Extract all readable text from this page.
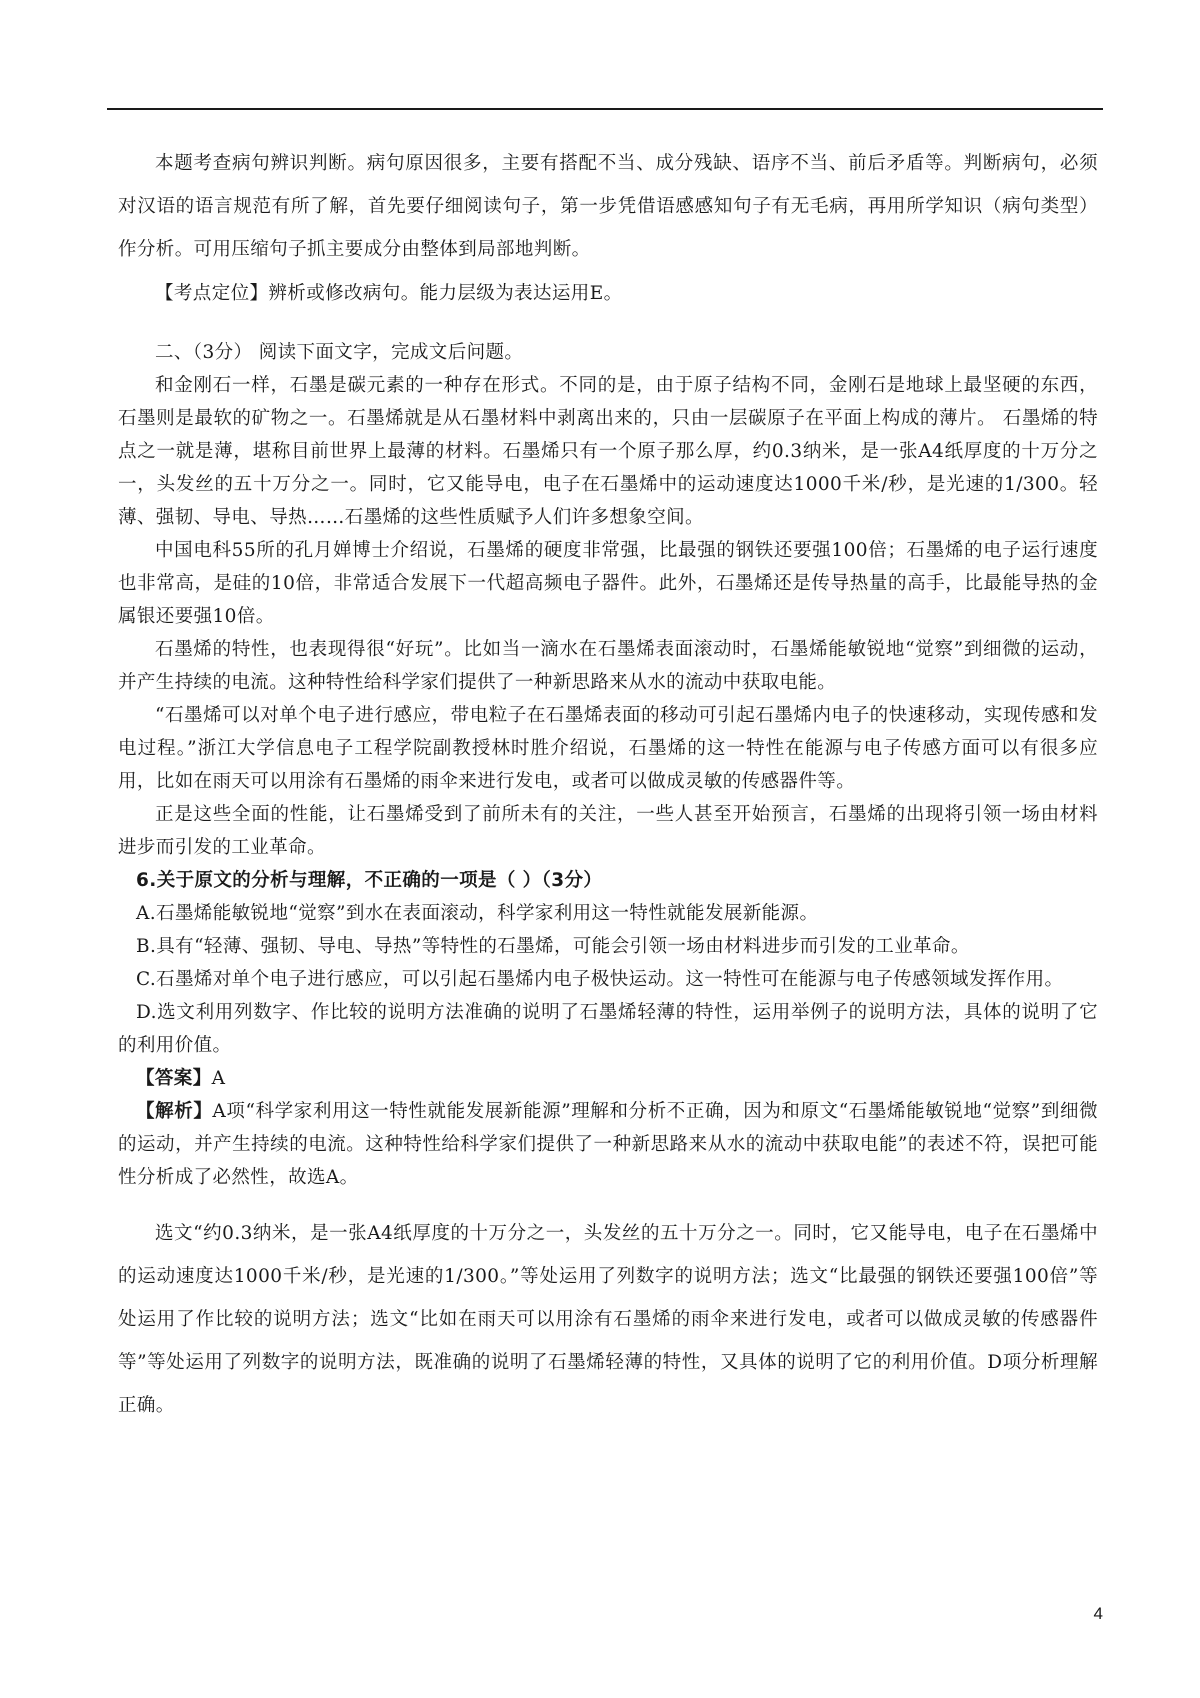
本题考查病句辨识判断。病句原因很多，主要有搭配不当、成分残缺、语序不当、前后矛盾等。判断病句，必须对汉语的语言规范有所了解，首先要仔细阅读句子，第一步凭借语感感知句子有无毛病，再用所学知识（病句类型）作分析。可用压缩句子抓主要成分由整体到局部地判断。

【考点定位】辨析或修改病句。能力层级为表达运用E。

二、（3分） 阅读下面文字，完成文后问题。

和金刚石一样，石墨是碳元素的一种存在形式。不同的是，由于原子结构不同，金刚石是地球上最坚硬的东西，石墨则是最软的矿物之一。石墨烯就是从石墨材料中剥离出来的，只由一层碳原子在平面上构成的薄片。 石墨烯的特点之一就是薄，堪称目前世界上最薄的材料。石墨烯只有一个原子那么厚，约0.3纳米，是一张A4纸厚度的十万分之一，头发丝的五十万分之一。同时，它又能导电，电子在石墨烯中的运动速度达1000千米/秒，是光速的1/300。轻薄、强韧、导电、导热……石墨烯的这些性质赋予人们许多想象空间。

中国电科55所的孔月婵博士介绍说，石墨烯的硬度非常强，比最强的钢铁还要强100倍；石墨烯的电子运行速度也非常高，是硅的10倍，非常适合发展下一代超高频电子器件。此外，石墨烯还是传导热量的高手，比最能导热的金属银还要强10倍。

石墨烯的特性，也表现得很“好玩”。比如当一滴水在石墨烯表面滚动时，石墨烯能敏锐地“觉察”到细微的运动，并产生持续的电流。这种特性给科学家们提供了一种新思路来从水的流动中获取电能。

“石墨烯可以对单个电子进行感应，带电粒子在石墨烯表面的移动可引起石墨烯内电子的快速移动，实现传感和发电过程。”浙江大学信息电子工程学院副教授林时胜介绍说，石墨烯的这一特性在能源与电子传感方面可以有很多应用，比如在雨天可以用涂有石墨烯的雨伞来进行发电，或者可以做成灵敏的传感器件等。

正是这些全面的性能，让石墨烯受到了前所未有的关注，一些人甚至开始预言，石墨烯的出现将引领一场由材料进步而引发的工业革命。

6.关于原文的分析与理解，不正确的一项是（ ）（3分）

A.石墨烯能敏锐地“觉察”到水在表面滚动，科学家利用这一特性就能发展新能源。

B.具有“轻薄、强韧、导电、导热”等特性的石墨烯，可能会引领一场由材料进步而引发的工业革命。

C.石墨烯对单个电子进行感应，可以引起石墨烯内电子极快运动。这一特性可在能源与电子传感领域发挥作用。

D.选文利用列数字、作比较的说明方法准确的说明了石墨烯轻薄的特性，运用举例子的说明方法，具体的说明了它的利用价值。

【答案】A

【解析】A项“科学家利用这一特性就能发展新能源”理解和分析不正确，因为和原文“石墨烯能敏锐地“觉察”到细微的运动，并产生持续的电流。这种特性给科学家们提供了一种新思路来从水的流动中获取电能”的表述不符，误把可能性分析成了必然性，故选A。

选文“约0.3纳米，是一张A4纸厚度的十万分之一，头发丝的五十万分之一。同时，它又能导电，电子在石墨烯中的运动速度达1000千米/秒，是光速的1/300。”等处运用了列数字的说明方法；选文“比最强的钢铁还要强100倍”等处运用了作比较的说明方法；选文“比如在雨天可以用涂有石墨烯的雨伞来进行发电，或者可以做成灵敏的传感器件等”等处运用了列数字的说明方法，既准确的说明了石墨烯轻薄的特性，又具体的说明了它的利用价值。D项分析理解正确。

4
